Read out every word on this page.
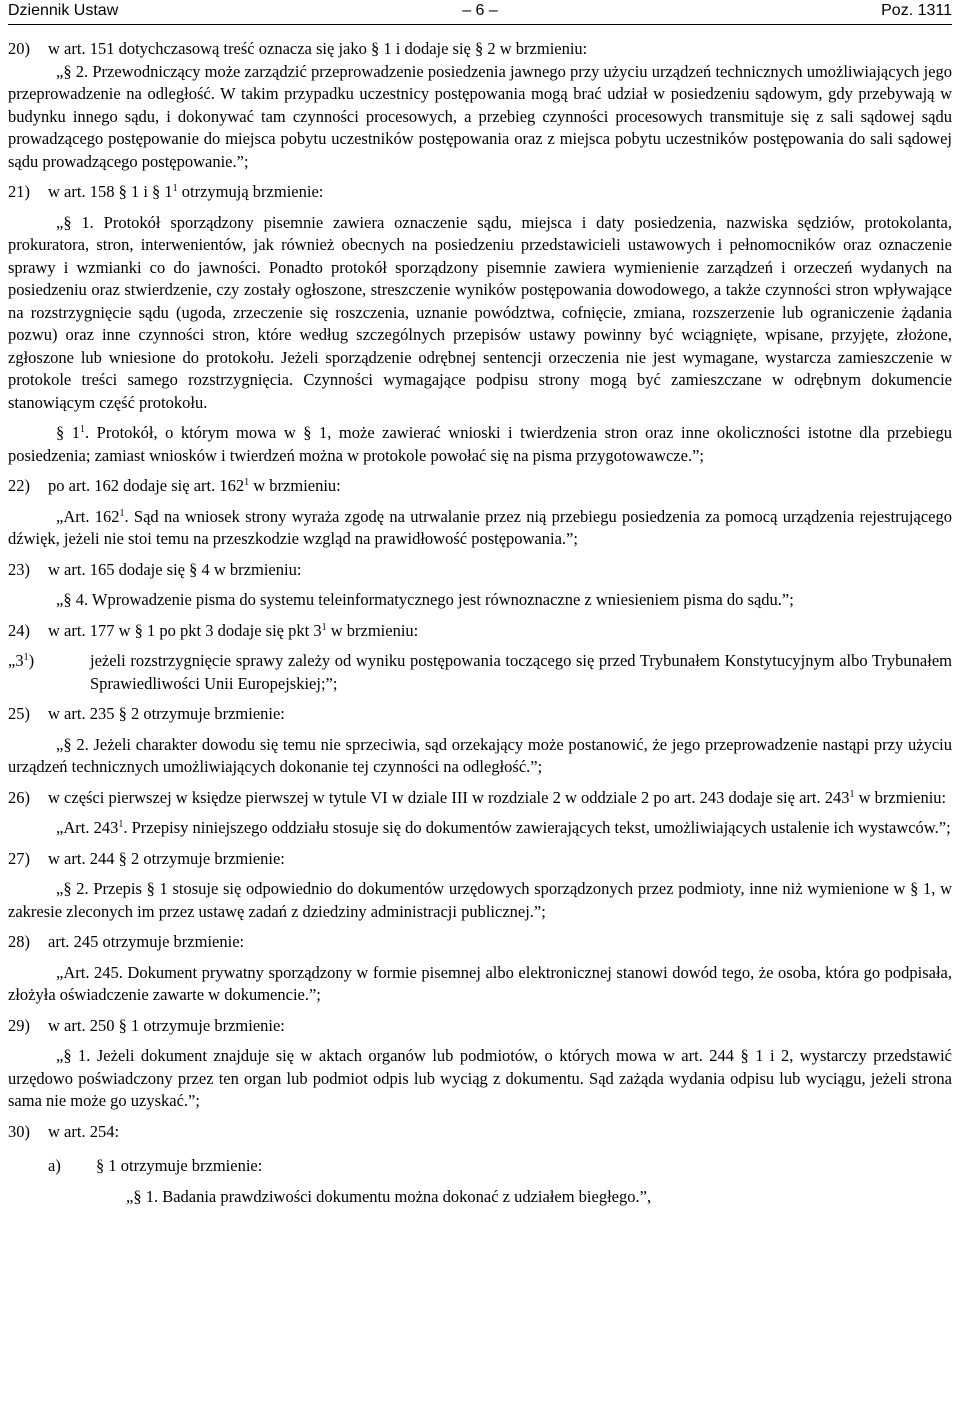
Dziennik Ustaw	– 6 –	Poz. 1311
20) w art. 151 dotychczasową treść oznacza się jako § 1 i dodaje się § 2 w brzmieniu:
„§ 2. Przewodniczący może zarządzić przeprowadzenie posiedzenia jawnego przy użyciu urządzeń technicznych umożliwiających jego przeprowadzenie na odległość. W takim przypadku uczestnicy postępowania mogą brać udział w posiedzeniu sądowym, gdy przebywają w budynku innego sądu, i dokonywać tam czynności procesowych, a przebieg czynności procesowych transmituje się z sali sądowej sądu prowadzącego postępowanie do miejsca pobytu uczestników postępowania oraz z miejsca pobytu uczestników postępowania do sali sądowej sądu prowadzącego postępowanie.”;
21) w art. 158 § 1 i § $1^1$ otrzymują brzmienie:
„§ 1. Protokół sporządzony pisemnie zawiera oznaczenie sądu, miejsca i daty posiedzenia, nazwiska sędziów, protokolanta, prokuratora, stron, interwenientów, jak również obecnych na posiedzeniu przedstawicieli ustawowych i pełnomocników oraz oznaczenie sprawy i wzmianki co do jawności. Ponadto protokół sporządzony pisemnie zawiera wymienienie zarządzeń i orzeczeń wydanych na posiedzeniu oraz stwierdzenie, czy zostały ogłoszone, streszczenie wyników postępowania dowodowego, a także czynności stron wpływające na rozstrzygnięcie sądu (ugoda, zrzeczenie się roszczenia, uznanie powództwa, cofnięcie, zmiana, rozszerzenie lub ograniczenie żądania pozwu) oraz inne czynności stron, które według szczególnych przepisów ustawy powinny być wciągnięte, wpisane, przyjęte, złożone, zgłoszone lub wniesione do protokołu. Jeżeli sporządzenie odrębnej sentencji orzeczenia nie jest wymagane, wystarcza zamieszczenie w protokole treści samego rozstrzygnięcia. Czynności wymagające podpisu strony mogą być zamieszczane w odrębnym dokumencie stanowiącym część protokołu.
§ $1^1$. Protokół, o którym mowa w § 1, może zawierać wnioski i twierdzenia stron oraz inne okoliczności istotne dla przebiegu posiedzenia; zamiast wniosków i twierdzeń można w protokole powołać się na pisma przygotowawcze.”;
22) po art. 162 dodaje się art. $162^1$ w brzmieniu:
„Art. $162^1$. Sąd na wniosek strony wyraża zgodę na utrwalanie przez nią przebiegu posiedzenia za pomocą urządzenia rejestrującego dźwięk, jeżeli nie stoi temu na przeszkodzie wzgląd na prawidłowość postępowania.”;
23) w art. 165 dodaje się § 4 w brzmieniu:
„§ 4. Wprowadzenie pisma do systemu teleinformatycznego jest równoznaczne z wniesieniem pisma do sądu.”;
24) w art. 177 w § 1 po pkt 3 dodaje się pkt $3^1$ w brzmieniu:
$„3^1$)	jeżeli rozstrzygnięcie sprawy zależy od wyniku postępowania toczącego się przed Trybunałem Konstytucyjnym albo Trybunałem Sprawiedliwości Unii Europejskiej;”;
25) w art. 235 § 2 otrzymuje brzmienie:
„§ 2. Jeżeli charakter dowodu się temu nie sprzeciwia, sąd orzekający może postanowić, że jego przeprowadzenie nastąpi przy użyciu urządzeń technicznych umożliwiających dokonanie tej czynności na odległość.”;
26) w części pierwszej w księdze pierwszej w tytule VI w dziale III w rozdziale 2 w oddziale 2 po art. 243 dodaje się art. $243^1$ w brzmieniu:
„Art. $243^1$. Przepisy niniejszego oddziału stosuje się do dokumentów zawierających tekst, umożliwiających ustalenie ich wystawców.”;
27) w art. 244 § 2 otrzymuje brzmienie:
„§ 2. Przepis § 1 stosuje się odpowiednio do dokumentów urzędowych sporządzonych przez podmioty, inne niż wymienione w § 1, w zakresie zleconych im przez ustawę zadań z dziedziny administracji publicznej.”;
28) art. 245 otrzymuje brzmienie:
„Art. 245. Dokument prywatny sporządzony w formie pisemnej albo elektronicznej stanowi dowód tego, że osoba, która go podpisała, złożyła oświadczenie zawarte w dokumencie.”;
29) w art. 250 § 1 otrzymuje brzmienie:
„§ 1. Jeżeli dokument znajduje się w aktach organów lub podmiotów, o których mowa w art. 244 § 1 i 2, wystarczy przedstawić urzędowo poświadczony przez ten organ lub podmiot odpis lub wyciąg z dokumentu. Sąd zażąda wydania odpisu lub wyciągu, jeżeli strona sama nie może go uzyskać.”;
30) w art. 254:
a) § 1 otrzymuje brzmienie:
„§ 1. Badania prawdziwości dokumentu można dokonać z udziałem biegłego.”,
